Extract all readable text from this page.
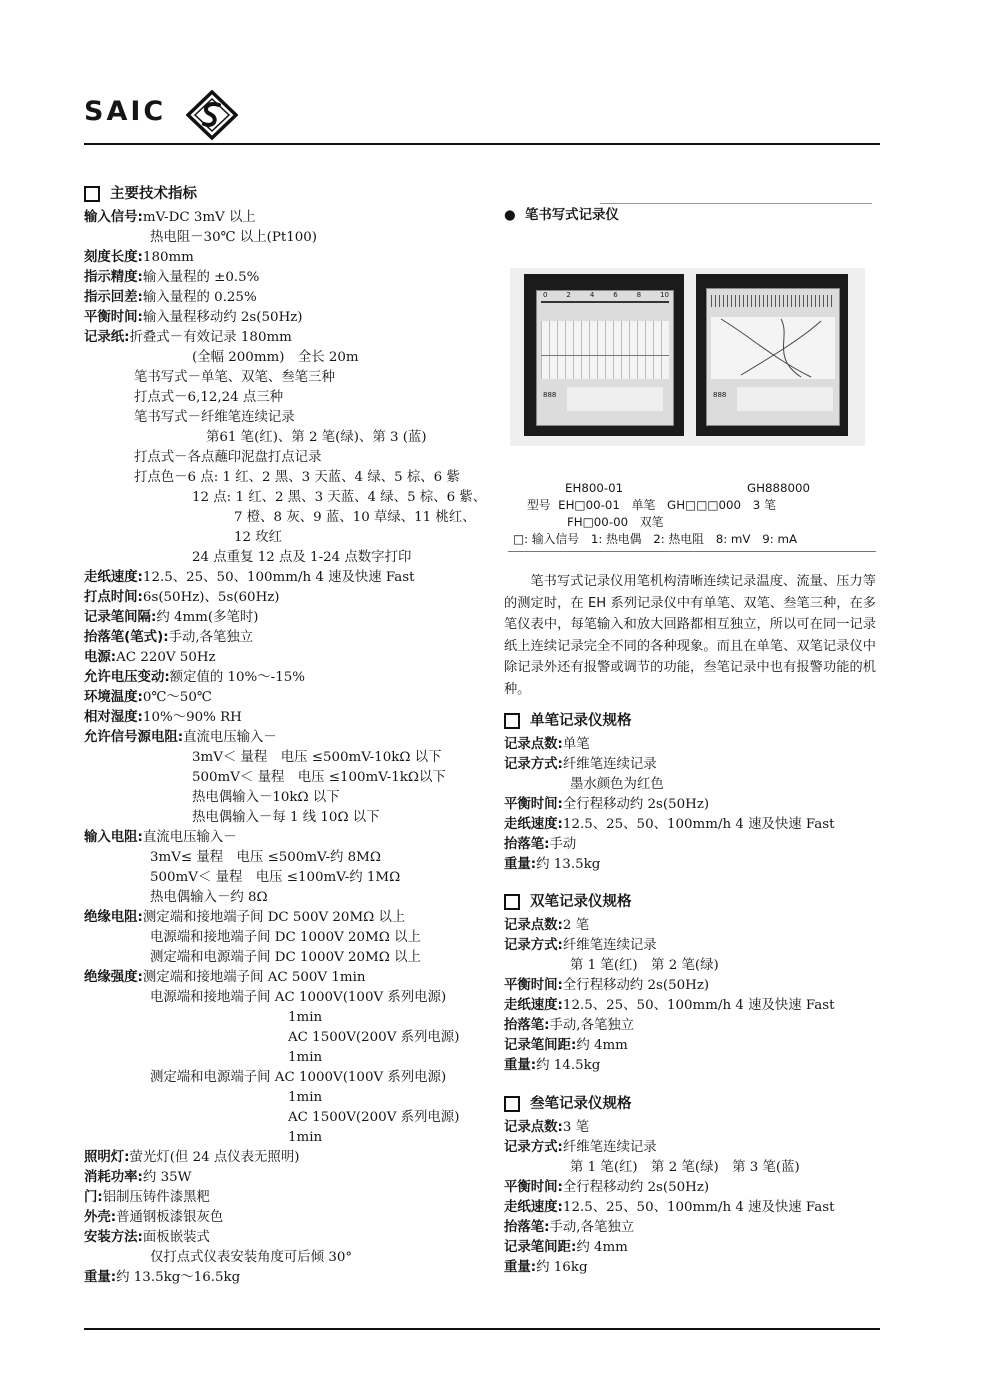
SAIC
主要技术指标
输入信号:mV-DC 3mV 以上
热电阻－30℃ 以上(Pt100)
刻度长度:180mm
指示精度:输入量程的 ±0.5%
指示回差:输入量程的 0.25%
平衡时间:输入量程移动约 2s(50Hz)
记录纸:折叠式－有效记录 180mm
(全幅 200mm)　全长 20m
笔书写式－单笔、双笔、叁笔三种
打点式－6,12,24 点三种
笔书写式－纤维笔连续记录
第61 笔(红)、第 2 笔(绿)、第 3 (蓝)
打点式－各点蘸印泥盘打点记录
打点色－6 点: 1 红、2 黑、3 天蓝、4 绿、5 棕、6 紫
12 点: 1 红、2 黑、3 天蓝、4 绿、5 棕、6 紫、
7 橙、8 灰、9 蓝、10 草绿、11 桃红、
12 玫红
24 点重复 12 点及 1-24 点数字打印
走纸速度:12.5、25、50、100mm/h 4 速及快速 Fast
打点时间:6s(50Hz)、5s(60Hz)
记录笔间隔:约 4mm(多笔时)
抬落笔(笔式):手动,各笔独立
电源:AC 220V 50Hz
允许电压变动:额定值的 10%～-15%
环境温度:0℃～50℃
相对湿度:10%～90% RH
允许信号源电阻:直流电压输入－
3mV＜ 量程　电压 ≤500mV-10kΩ 以下
500mV＜ 量程　电压 ≤100mV-1kΩ以下
热电偶输入－10kΩ 以下
热电偶输入－每 1 线 10Ω 以下
输入电阻:直流电压输入－
3mV≤ 量程　电压 ≤500mV-约 8MΩ
500mV＜ 量程　电压 ≤100mV-约 1MΩ
热电偶输入－约 8Ω
绝缘电阻:测定端和接地端子间 DC 500V 20MΩ 以上
电源端和接地端子间 DC 1000V 20MΩ 以上
测定端和电源端子间 DC 1000V 20MΩ 以上
绝缘强度:测定端和接地端子间 AC 500V 1min
电源端和接地端子间 AC 1000V(100V 系列电源)
1min
AC 1500V(200V 系列电源)
1min
测定端和电源端子间 AC 1000V(100V 系列电源)
1min
AC 1500V(200V 系列电源)
1min
照明灯:萤光灯(但 24 点仪表无照明)
消耗功率:约 35W
门:铝制压铸件漆黑粑
外壳:普通钢板漆银灰色
安装方法:面板嵌装式
仅打点式仪表安装角度可后倾 30°
重量:约 13.5kg～16.5kg
●  笔书写式记录仪
0	2	4	6	8	10
888	888
EH800-01	GH888000
型号 EH□00-01　单笔　GH□□□000　3 笔
FH□00-00　双笔
□: 输入信号　1: 热电偶　2: 热电阻　8: mV　9: mA
笔书写式记录仪用笔机构清晰连续记录温度、流量、压力等的测定时，在 EH 系列记录仪中有单笔、双笔、叁笔三种，在多笔仪表中，每笔输入和放大回路都相互独立，所以可在同一记录纸上连续记录完全不同的各种现象。而且在单笔、双笔记录仪中除记录外还有报警或调节的功能，叁笔记录中也有报警功能的机种。
单笔记录仪规格
记录点数:单笔
记录方式:纤维笔连续记录
墨水颜色为红色
平衡时间:全行程移动约 2s(50Hz)
走纸速度:12.5、25、50、100mm/h 4 速及快速 Fast
抬落笔:手动
重量:约 13.5kg
双笔记录仪规格
记录点数:2 笔
记录方式:纤维笔连续记录
第 1 笔(红)　第 2 笔(绿)
平衡时间:全行程移动约 2s(50Hz)
走纸速度:12.5、25、50、100mm/h 4 速及快速 Fast
抬落笔:手动,各笔独立
记录笔间距:约 4mm
重量:约 14.5kg
叁笔记录仪规格
记录点数:3 笔
记录方式:纤维笔连续记录
第 1 笔(红)　第 2 笔(绿)　第 3 笔(蓝)
平衡时间:全行程移动约 2s(50Hz)
走纸速度:12.5、25、50、100mm/h 4 速及快速 Fast
抬落笔:手动,各笔独立
记录笔间距:约 4mm
重量:约 16kg
